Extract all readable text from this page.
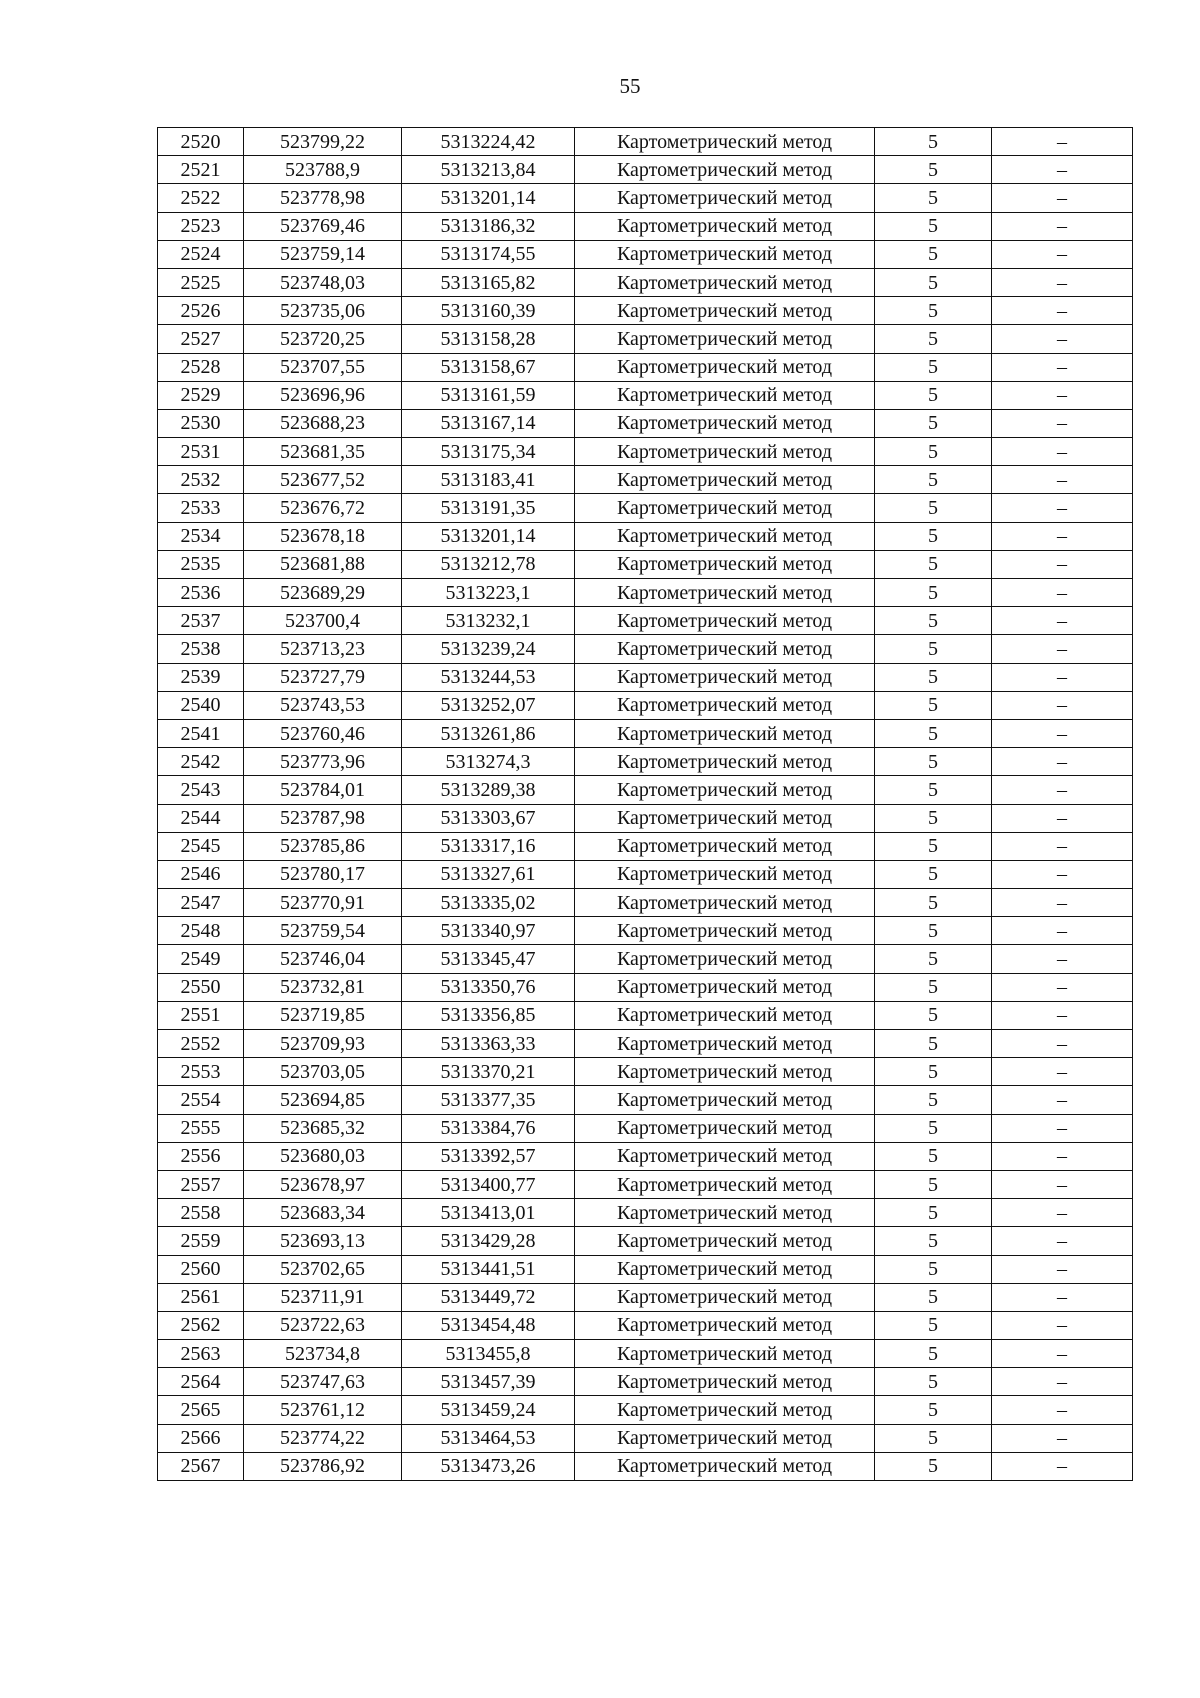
55
2520	523799,22	5313224,42	Картометрический метод	5	–
2521	523788,9	5313213,84	Картометрический метод	5	–
2522	523778,98	5313201,14	Картометрический метод	5	–
2523	523769,46	5313186,32	Картометрический метод	5	–
2524	523759,14	5313174,55	Картометрический метод	5	–
2525	523748,03	5313165,82	Картометрический метод	5	–
2526	523735,06	5313160,39	Картометрический метод	5	–
2527	523720,25	5313158,28	Картометрический метод	5	–
2528	523707,55	5313158,67	Картометрический метод	5	–
2529	523696,96	5313161,59	Картометрический метод	5	–
2530	523688,23	5313167,14	Картометрический метод	5	–
2531	523681,35	5313175,34	Картометрический метод	5	–
2532	523677,52	5313183,41	Картометрический метод	5	–
2533	523676,72	5313191,35	Картометрический метод	5	–
2534	523678,18	5313201,14	Картометрический метод	5	–
2535	523681,88	5313212,78	Картометрический метод	5	–
2536	523689,29	5313223,1	Картометрический метод	5	–
2537	523700,4	5313232,1	Картометрический метод	5	–
2538	523713,23	5313239,24	Картометрический метод	5	–
2539	523727,79	5313244,53	Картометрический метод	5	–
2540	523743,53	5313252,07	Картометрический метод	5	–
2541	523760,46	5313261,86	Картометрический метод	5	–
2542	523773,96	5313274,3	Картометрический метод	5	–
2543	523784,01	5313289,38	Картометрический метод	5	–
2544	523787,98	5313303,67	Картометрический метод	5	–
2545	523785,86	5313317,16	Картометрический метод	5	–
2546	523780,17	5313327,61	Картометрический метод	5	–
2547	523770,91	5313335,02	Картометрический метод	5	–
2548	523759,54	5313340,97	Картометрический метод	5	–
2549	523746,04	5313345,47	Картометрический метод	5	–
2550	523732,81	5313350,76	Картометрический метод	5	–
2551	523719,85	5313356,85	Картометрический метод	5	–
2552	523709,93	5313363,33	Картометрический метод	5	–
2553	523703,05	5313370,21	Картометрический метод	5	–
2554	523694,85	5313377,35	Картометрический метод	5	–
2555	523685,32	5313384,76	Картометрический метод	5	–
2556	523680,03	5313392,57	Картометрический метод	5	–
2557	523678,97	5313400,77	Картометрический метод	5	–
2558	523683,34	5313413,01	Картометрический метод	5	–
2559	523693,13	5313429,28	Картометрический метод	5	–
2560	523702,65	5313441,51	Картометрический метод	5	–
2561	523711,91	5313449,72	Картометрический метод	5	–
2562	523722,63	5313454,48	Картометрический метод	5	–
2563	523734,8	5313455,8	Картометрический метод	5	–
2564	523747,63	5313457,39	Картометрический метод	5	–
2565	523761,12	5313459,24	Картометрический метод	5	–
2566	523774,22	5313464,53	Картометрический метод	5	–
2567	523786,92	5313473,26	Картометрический метод	5	–
